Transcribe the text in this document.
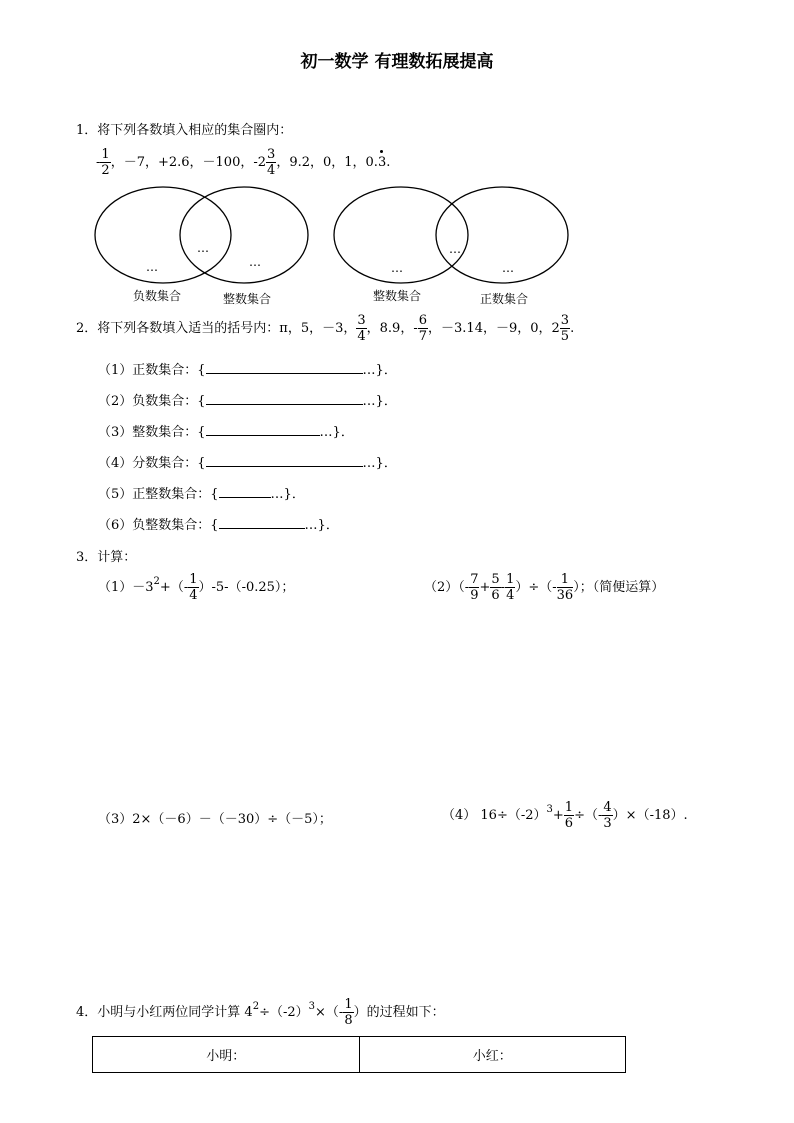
初一数学 有理数拓展提高
1．将下列各数填入相应的集合圈内：
- $\frac{1}{2}$ ，－7，+2.6，－100，$-2 \frac{3}{4}$ ，9.2，0，1，0.3.
…
…
…
负数集合	整数集合
…
…
…
整数集合	正数集合
2．将下列各数填入适当的括号内：π，5，－3， $\frac{3}{4}$ ，8.9，- $\frac{6}{7}$ ，－3.14，－9，0，$2 \frac{3}{5}$ .
（1）正数集合：{	…}．
（2）负数集合：{	…}．
（3）整数集合：{	…}．
（4）分数集合：{	…}．
（5）正整数集合：{	…}．
（6）负整数集合：{	…}．
3．计算：
$(1)-3^2+(- \frac{1}{4} )-5-(-0.25)$；	$(2)(- \frac{7}{9} + \frac{5}{6} - \frac{1}{4}$ ）÷（- $\frac{1}{36}$ ）；（简便运算）
（3）2×（－6）－（－30）÷（－5）；	（4） $16\div(-2)^3+ \frac{1}{6}$ ÷（- $\frac{4}{3} )\times(-18)$.
4．小明与小红两位同学计算 $4^2\div(-2)^3\times(- \frac{1}{8}$ ）的过程如下：
小明：	小红：
